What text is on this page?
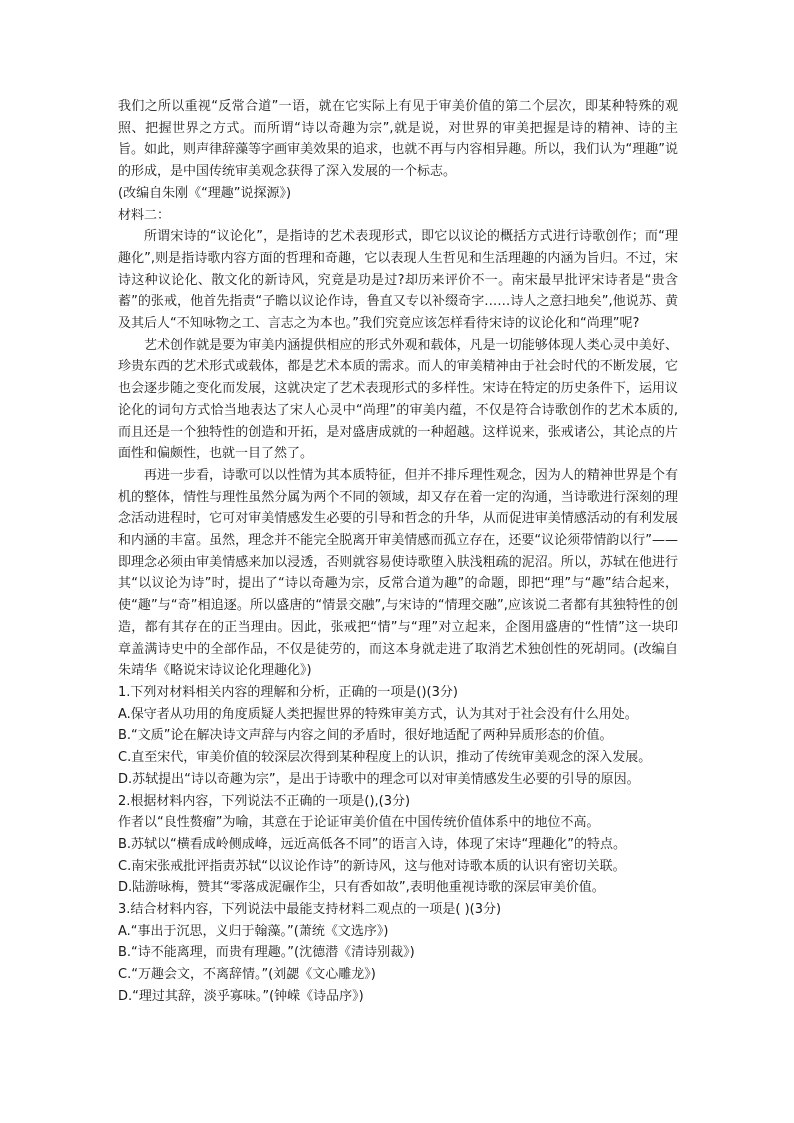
我们之所以重视“反常合道”一语，就在它实际上有见于审美价值的第二个层次，即某种特殊的观照、把握世界之方式。而所谓“诗以奇趣为宗”,就是说，对世界的审美把握是诗的精神、诗的主旨。如此，则声律辞藻等字画审美效果的追求，也就不再与内容相异趣。所以，我们认为“理趣”说的形成，是中国传统审美观念获得了深入发展的一个标志。

(改编自朱刚《“理趣”说探源》)

材料二：

所谓宋诗的“议论化”，是指诗的艺术表现形式，即它以议论的概括方式进行诗歌创作；而“理趣化”,则是指诗歌内容方面的哲理和奇趣，它以表现人生哲见和生活理趣的内涵为旨归。不过，宋诗这种议论化、散文化的新诗风，究竟是功是过?却历来评价不一。南宋最早批评宋诗者是“贵含蓄”的张戒，他首先指责“子瞻以议论作诗，鲁直又专以补缀奇字……诗人之意扫地矣”,他说苏、黄及其后人“不知咏物之工、言志之为本也。”我们究竟应该怎样看待宋诗的议论化和“尚理”呢?

艺术创作就是要为审美内涵提供相应的形式外观和载体，凡是一切能够体现人类心灵中美好、珍贵东西的艺术形式或载体，都是艺术本质的需求。而人的审美精神由于社会时代的不断发展，它也会逐步随之变化而发展，这就决定了艺术表现形式的多样性。宋诗在特定的历史条件下，运用议论化的词句方式恰当地表达了宋人心灵中“尚理”的审美内蕴，不仅是符合诗歌创作的艺术本质的,而且还是一个独特性的创造和开拓，是对盛唐成就的一种超越。这样说来，张戒诸公，其论点的片面性和偏颇性，也就一目了然了。

再进一步看，诗歌可以以性情为其本质特征，但并不排斥理性观念，因为人的精神世界是个有机的整体，情性与理性虽然分属为两个不同的领域，却又存在着一定的沟通，当诗歌进行深刻的理念活动进程时，它可对审美情感发生必要的引导和哲念的升华，从而促进审美情感活动的有利发展和内涵的丰富。虽然，理念并不能完全脱离开审美情感而孤立存在，还要“议论须带情韵以行”——即理念必须由审美情感来加以浸透，否则就容易使诗歌堕入肤浅粗疏的泥沼。所以，苏轼在他进行其“以议论为诗”时，提出了“诗以奇趣为宗，反常合道为趣”的命题，即把“理”与“趣”结合起来，使“趣”与“奇”相追逐。所以盛唐的“情景交融”,与宋诗的“情理交融”,应该说二者都有其独特性的创造，都有其存在的正当理由。因此，张戒把“情”与“理”对立起来，企图用盛唐的“性情”这一块印章盖满诗史中的全部作品，不仅是徒劳的，而这本身就走进了取消艺术独创性的死胡同。(改编自朱靖华《略说宋诗议论化理趣化》)

1.下列对材料相关内容的理解和分析，正确的一项是()(3分)

A.保守者从功用的角度质疑人类把握世界的特殊审美方式，认为其对于社会没有什么用处。

B.“文质”论在解决诗文声辞与内容之间的矛盾时，很好地适配了两种异质形态的价值。

C.直至宋代，审美价值的较深层次得到某种程度上的认识，推动了传统审美观念的深入发展。

D.苏轼提出“诗以奇趣为宗”，是出于诗歌中的理念可以对审美情感发生必要的引导的原因。

2.根据材料内容，下列说法不正确的一项是(),(3分)

作者以“良性赘瘤”为喻，其意在于论证审美价值在中国传统价值体系中的地位不高。

B.苏轼以“横看成岭侧成峰，远近高低各不同”的语言入诗，体现了宋诗“理趣化”的特点。

C.南宋张戒批评指责苏轼“以议论作诗”的新诗风，这与他对诗歌本质的认识有密切关联。

D.陆游咏梅，赞其“零落成泥碾作尘，只有香如故”,表明他重视诗歌的深层审美价值。

3.结合材料内容，下列说法中最能支持材料二观点的一项是( )(3分)

A.“事出于沉思，义归于翰藻。”(萧统《文选序》)

B.“诗不能离理，而贵有理趣。”(沈德潜《清诗别裁》)

C.“万趣会文，不离辞情。”(刘勰《文心雕龙》)

D.“理过其辞，淡乎寡味。”(钟嵘《诗品序》)
